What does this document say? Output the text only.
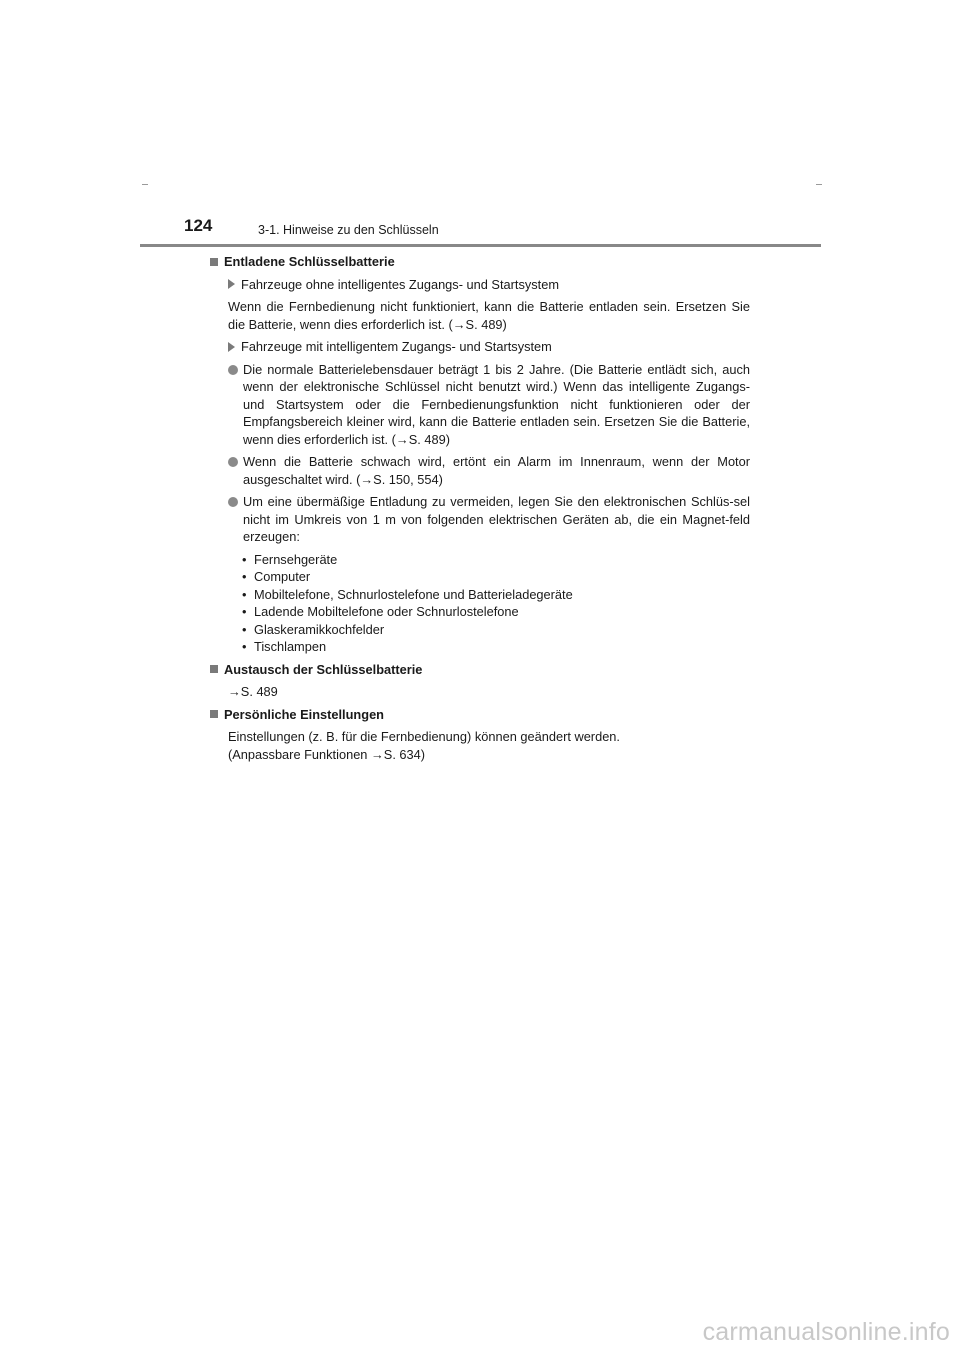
124	3-1. Hinweise zu den Schlüsseln
Entladene Schlüsselbatterie
Fahrzeuge ohne intelligentes Zugangs- und Startsystem
Wenn die Fernbedienung nicht funktioniert, kann die Batterie entladen sein. Ersetzen Sie die Batterie, wenn dies erforderlich ist. (→S. 489)
Fahrzeuge mit intelligentem Zugangs- und Startsystem
Die normale Batterielebensdauer beträgt 1 bis 2 Jahre. (Die Batterie entlädt sich, auch wenn der elektronische Schlüssel nicht benutzt wird.) Wenn das intelligente Zugangs- und Startsystem oder die Fernbedienungsfunktion nicht funktionieren oder der Empfangsbereich kleiner wird, kann die Batterie entladen sein. Ersetzen Sie die Batterie, wenn dies erforderlich ist. (→S. 489)
Wenn die Batterie schwach wird, ertönt ein Alarm im Innenraum, wenn der Motor ausgeschaltet wird. (→S. 150, 554)
Um eine übermäßige Entladung zu vermeiden, legen Sie den elektronischen Schlüs-sel nicht im Umkreis von 1 m von folgenden elektrischen Geräten ab, die ein Magnet-feld erzeugen:
• Fernsehgeräte
• Computer
• Mobiltelefone, Schnurlostelefone und Batterieladegeräte
• Ladende Mobiltelefone oder Schnurlostelefone
• Glaskeramikkochfelder
• Tischlampen
Austausch der Schlüsselbatterie
→S. 489
Persönliche Einstellungen
Einstellungen (z. B. für die Fernbedienung) können geändert werden.
(Anpassbare Funktionen →S. 634)
carmanualsonline.info
